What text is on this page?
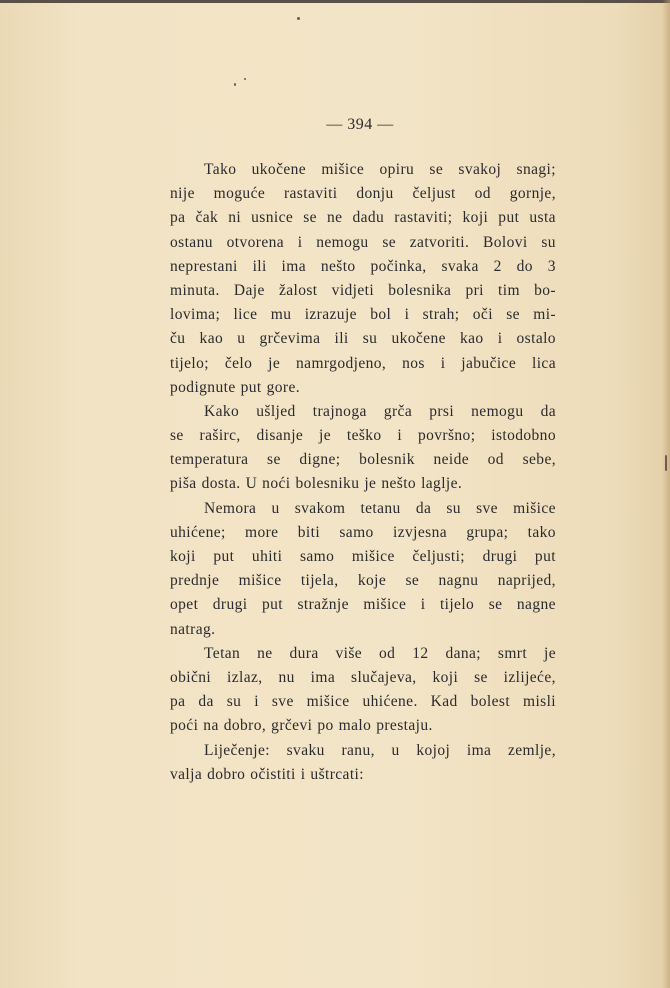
— 394 —
Tako ukočene mišice opiru se svakoj snagi;
nije moguće rastaviti donju čeljust od gornje,
pa čak ni usnice se ne dadu rastaviti; koji put usta
ostanu otvorena i nemogu se zatvoriti. Bolovi su
neprestani ili ima nešto počinka, svaka 2 do 3
minuta. Daje žalost vidjeti bolesnika pri tim bo-
lovima; lice mu izrazuje bol i strah; oči se mi-
ču kao u grčevima ili su ukočene kao i ostalo
tijelo; čelo je namrgodjeno, nos i jabučice lica
podignute put gore.
Kako ušljed trajnoga grča prsi nemogu da
se raširc, disanje je teško i površno; istodobno
temperatura se digne; bolesnik neide od sebe,
piša dosta. U noći bolesniku je nešto laglje.
Nemora u svakom tetanu da su sve mišice
uhićene; more biti samo izvjesna grupa; tako
koji put uhiti samo mišice čeljusti; drugi put
prednje mišice tijela, koje se nagnu naprijed,
opet drugi put stražnje mišice i tijelo se nagne
natrag.
Tetan ne dura više od 12 dana; smrt je
obični izlaz, nu ima slučajeva, koji se izlijeće,
pa da su i sve mišice uhićene. Kad bolest misli
poći na dobro, grčevi po malo prestaju.
Liječenje: svaku ranu, u kojoj ima zemlje,
valja dobro očistiti i uštrcati:
